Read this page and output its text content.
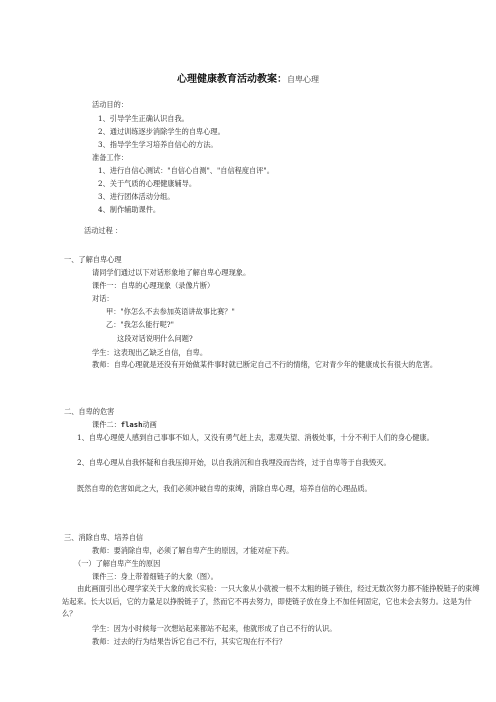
心理健康教育活动教案：自卑心理
活动目的：
1、引导学生正确认识自我。
2、通过训练逐步消除学生的自卑心理。
3、指导学生学习培养自信心的方法。
准备工作：
1、进行自信心测试："自信心自测"、"自信程度自评"。
2、关于气质的心理健康辅导。
3、进行团体活动分组。
4、制作辅助课件。
活动过程 ：
一、了解自卑心理
请同学们通过以下对话形象地了解自卑心理现象。
课件一：自卑的心理现象（录像片断）
对话：
甲："你怎么不去参加英语讲故事比赛？"
乙："我怎么能行呢?"
这段对话说明什么问题?
学生：这表现出乙缺乏自信，自卑。
教师：自卑心理就是还没有开始做某件事时就已断定自己不行的情绪，它对青少年的健康成长有很大的危害。
二、自卑的危害
课件二：flash动画
1、自卑心理使人感到自己事事不如人，又没有勇气赶上去，悲观失望、消极处事，十分不利于人们的身心健康。
2、自卑心理从自我怀疑和自我压抑开始，以自我消沉和自我埋没而告终，过于自卑等于自我毁灭。
既然自卑的危害如此之大，我们必须冲破自卑的束缚，消除自卑心理，培养自信的心理品质。
三、消除自卑、培养自信
教师：要消除自卑，必须了解自卑产生的原因，才能对症下药。
（一）了解自卑产生的原因
课件三：身上带着细链子的大象（图）。
由此画面引出心理学家关于大象的成长实验：一只大象从小就被一根不太粗的链子锁住，经过无数次努力都不能挣脱链子的束缚站起来。长大以后，它的力量足以挣脱链子了，然而它不再去努力，即使链子放在身上不加任何固定，它也未会去努力。这是为什么？
学生：因为小时候每一次想站起来都站不起来，他就形成了自己不行的认识。
教师：过去的行为结果告诉它自己不行，其实它现在行不行？
